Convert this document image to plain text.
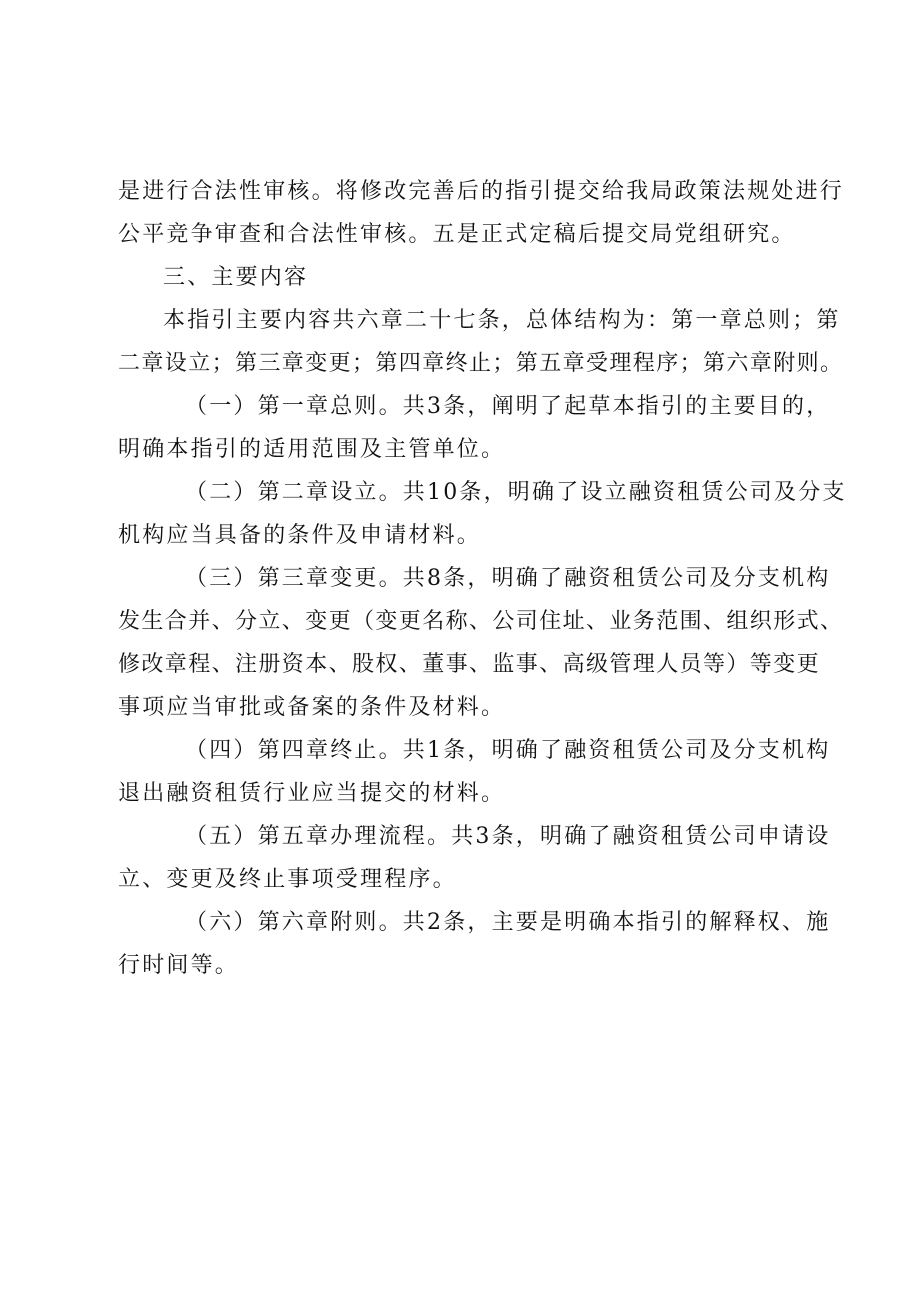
是进行合法性审核。将修改完善后的指引提交给我局政策法规处进行
公平竞争审查和合法性审核。五是正式定稿后提交局党组研究。
三、主要内容
本指引主要内容共六章二十七条，总体结构为：第一章总则；第
二章设立；第三章变更；第四章终止；第五章受理程序；第六章附则。
（一）第一章总则。共3条，阐明了起草本指引的主要目的，
明确本指引的适用范围及主管单位。
（二）第二章设立。共10条，明确了设立融资租赁公司及分支
机构应当具备的条件及申请材料。
（三）第三章变更。共8条，明确了融资租赁公司及分支机构
发生合并、分立、变更（变更名称、公司住址、业务范围、组织形式、
修改章程、注册资本、股权、董事、监事、高级管理人员等）等变更
事项应当审批或备案的条件及材料。
（四）第四章终止。共1条，明确了融资租赁公司及分支机构
退出融资租赁行业应当提交的材料。
（五）第五章办理流程。共3条，明确了融资租赁公司申请设
立、变更及终止事项受理程序。
（六）第六章附则。共2条，主要是明确本指引的解释权、施
行时间等。
